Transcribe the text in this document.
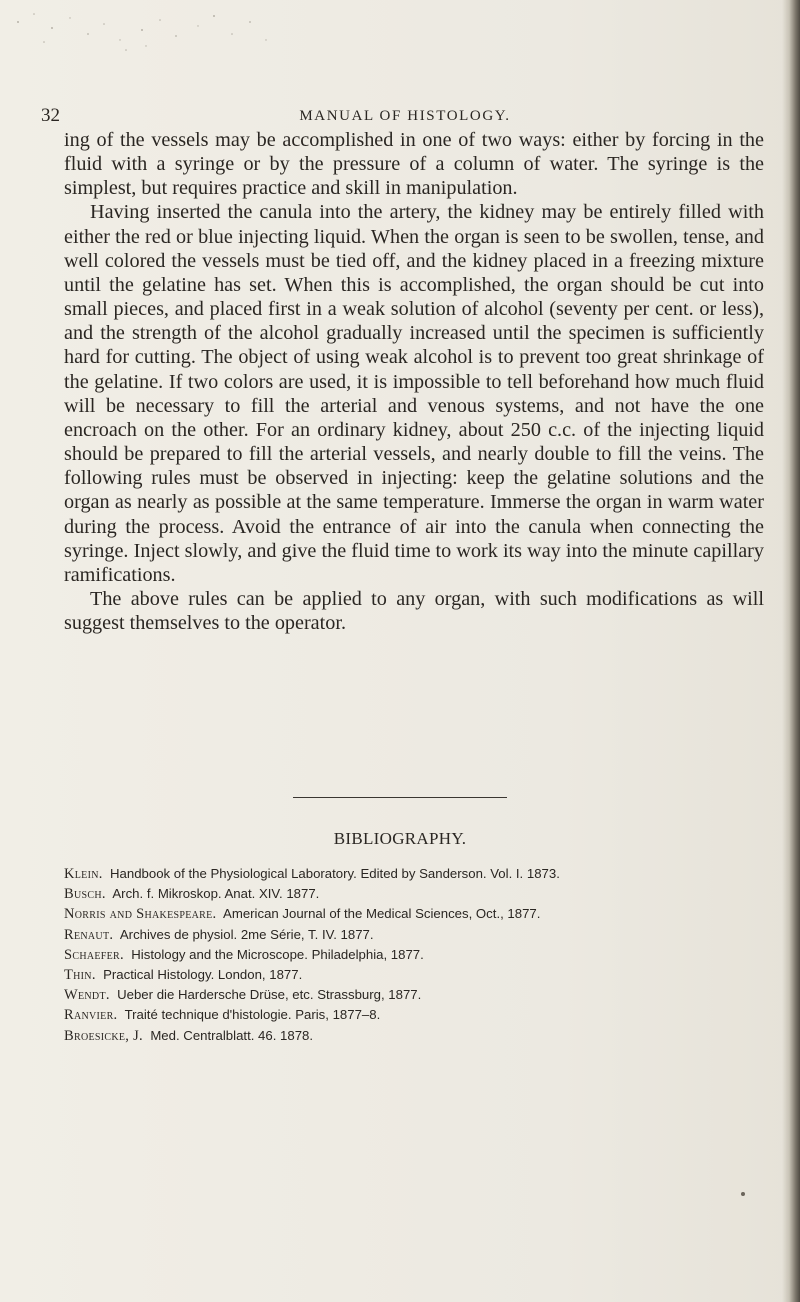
32	MANUAL OF HISTOLOGY.

ing of the vessels may be accomplished in one of two ways: either by forcing in the fluid with a syringe or by the pressure of a column of water. The syringe is the simplest, but requires practice and skill in manipulation.

Having inserted the canula into the artery, the kidney may be entirely filled with either the red or blue injecting liquid. When the organ is seen to be swollen, tense, and well colored the vessels must be tied off, and the kidney placed in a freezing mixture until the gelatine has set. When this is accomplished, the organ should be cut into small pieces, and placed first in a weak solution of alcohol (seventy per cent. or less), and the strength of the alcohol gradually increased until the specimen is sufficiently hard for cutting. The object of using weak alcohol is to prevent too great shrinkage of the gelatine. If two colors are used, it is impossible to tell beforehand how much fluid will be necessary to fill the arterial and venous systems, and not have the one encroach on the other. For an ordinary kidney, about 250 c.c. of the injecting liquid should be prepared to fill the arterial vessels, and nearly double to fill the veins. The following rules must be observed in injecting: keep the gelatine solutions and the organ as nearly as possible at the same temperature. Immerse the organ in warm water during the process. Avoid the entrance of air into the canula when connecting the syringe. Inject slowly, and give the fluid time to work its way into the minute capillary ramifications.

The above rules can be applied to any organ, with such modifications as will suggest themselves to the operator.

BIBLIOGRAPHY.

Klein. Handbook of the Physiological Laboratory. Edited by Sanderson. Vol. I. 1873.

Busch. Arch. f. Mikroskop. Anat. XIV. 1877.

Norris and Shakespeare. American Journal of the Medical Sciences, Oct., 1877.

Renaut. Archives de physiol. 2me Série, T. IV. 1877.

Schaefer. Histology and the Microscope. Philadelphia, 1877.

Thin. Practical Histology. London, 1877.

Wendt. Ueber die Hardersche Drüse, etc. Strassburg, 1877.

Ranvier. Traité technique d'histologie. Paris, 1877–8.

Broesicke, J. Med. Centralblatt. 46. 1878.
